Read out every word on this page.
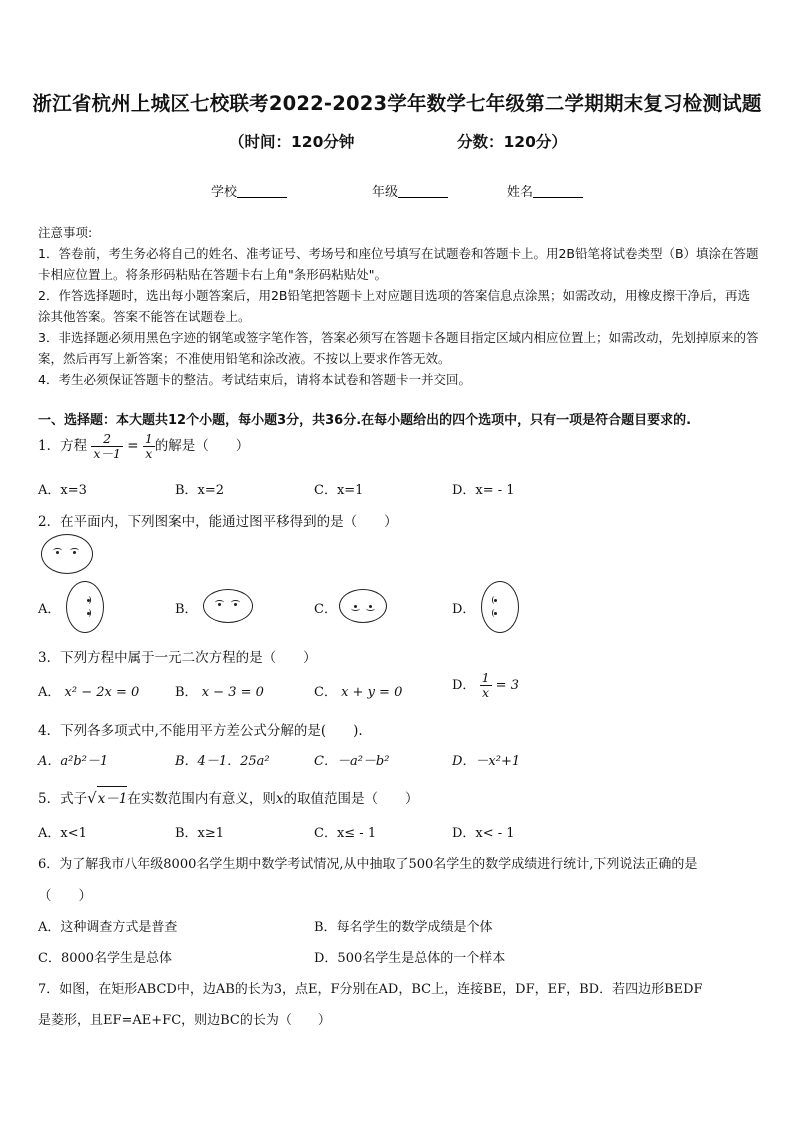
浙江省杭州上城区七校联考2022-2023学年数学七年级第二学期期末复习检测试题
（时间：120分钟	分数：120分）
学校	年级	姓名

注意事项:

1．答卷前，考生务必将自己的姓名、准考证号、考场号和座位号填写在试题卷和答题卡上。用2B铅笔将试卷类型（B）填涂在答题卡相应位置上。将条形码粘贴在答题卡右上角"条形码粘贴处"。

2．作答选择题时，选出每小题答案后，用2B铅笔把答题卡上对应题目选项的答案信息点涂黑；如需改动，用橡皮擦干净后，再选涂其他答案。答案不能答在试题卷上。

3．非选择题必须用黑色字迹的钢笔或签字笔作答，答案必须写在答题卡各题目指定区域内相应位置上；如需改动，先划掉原来的答案，然后再写上新答案；不准使用铅笔和涂改液。不按以上要求作答无效。

4．考生必须保证答题卡的整洁。考试结束后，请将本试卷和答题卡一并交回。

一、选择题：本大题共12个小题，每小题3分，共36分.在每小题给出的四个选项中，只有一项是符合题目要求的.
1．方程 $\frac{2}{x-1} = \frac{1}{x}$ 的解是（　　）
A．x=3	B．x=2	C．x=1	D．x= - 1
2．在平面内，下列图案中，能通过图平移得到的是（　　）
A．	B．	C．	D．
3．下列方程中属于一元二次方程的是（　　）
A． x² − 2x = 0	B． x − 3 = 0	C． x + y = 0	D． $\frac{1}{x} = 3$
4．下列各多项式中,不能用平方差公式分解的是(　　).
A．a²b²－1	B．4－1．25a²	C．－a²－b²	D．－x²+1
5．式子√x－1在实数范围内有意义，则x的取值范围是（　　）
A．x<1	B．x≥1	C．x≤ - 1	D．x< - 1
6．为了解我市八年级8000名学生期中数学考试情况,从中抽取了500名学生的数学成绩进行统计,下列说法正确的是
（　　）
A．这种调查方式是普查	B．每名学生的数学成绩是个体
C．8000名学生是总体	D．500名学生是总体的一个样本
7．如图，在矩形ABCD中，边AB的长为3，点E，F分别在AD，BC上，连接BE，DF，EF，BD．若四边形BEDF
是菱形，且EF=AE+FC，则边BC的长为（　　）
